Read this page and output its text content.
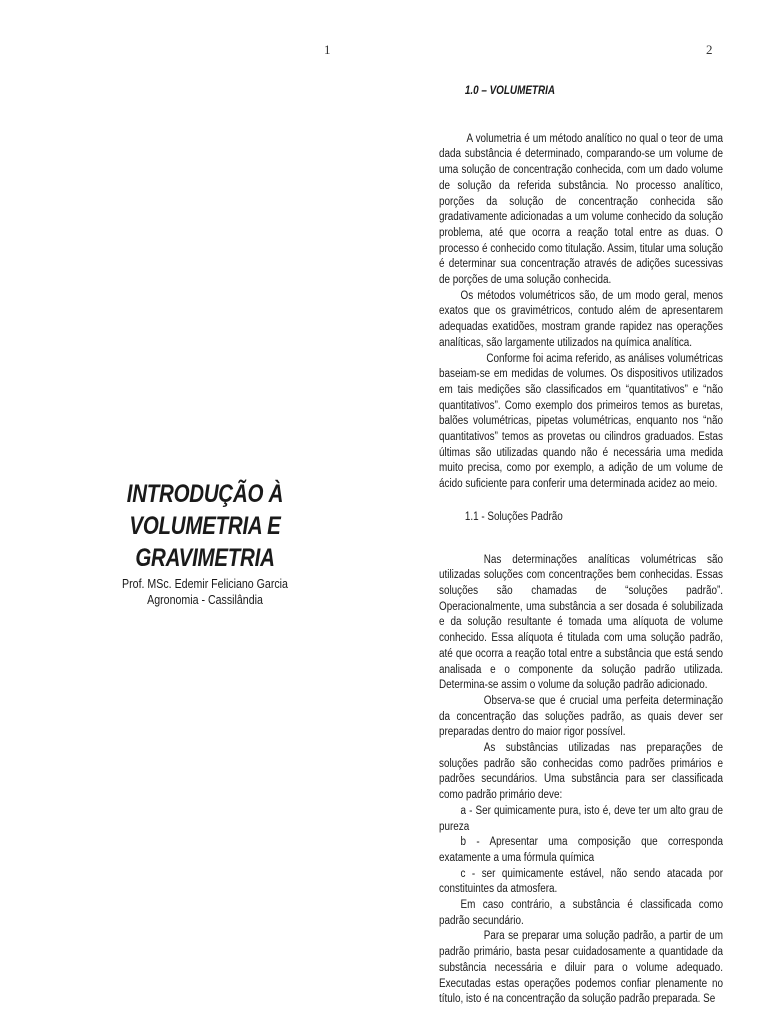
1	2
INTRODUÇÃO À
VOLUMETRIA E GRAVIMETRIA
Prof. MSc. Edemir Feliciano Garcia
Agronomia - Cassilândia
1.0 – VOLUMETRIA

A volumetria é um método analítico no qual o teor de uma dada substância é determinado, comparando-se um volume de uma solução de concentração conhecida, com um dado volume de solução da referida substância. No processo analítico, porções da solução de concentração conhecida são gradativamente adicionadas a um volume conhecido da solução problema, até que ocorra a reação total entre as duas. O processo é conhecido como titulação. Assim, titular uma solução é determinar sua concentração através de adições sucessivas de porções de uma solução conhecida.

Os métodos volumétricos são, de um modo geral, menos exatos que os gravimétricos, contudo além de apresentarem adequadas exatidões, mostram grande rapidez nas operações analíticas, são largamente utilizados na química analítica.

Conforme foi acima referido, as análises volumétricas baseiam-se em medidas de volumes. Os dispositivos utilizados em tais medições são classificados em “quantitativos” e “não quantitativos”. Como exemplo dos primeiros temos as buretas, balões volumétricas, pipetas volumétricas, enquanto nos “não quantitativos” temos as provetas ou cilindros graduados. Estas últimas são utilizadas quando não é necessária uma medida muito precisa, como por exemplo, a adição de um volume de ácido suficiente para conferir uma determinada acidez ao meio.

1.1 - Soluções Padrão

Nas determinações analíticas volumétricas são utilizadas soluções com concentrações bem conhecidas. Essas soluções são chamadas de “soluções padrão”. Operacionalmente, uma substância a ser dosada é solubilizada e da solução resultante é tomada uma alíquota de volume conhecido. Essa alíquota é titulada com uma solução padrão, até que ocorra a reação total entre a substância que está sendo analisada e o componente da solução padrão utilizada. Determina-se assim o volume da solução padrão adicionado.

Observa-se que é crucial uma perfeita determinação da concentração das soluções padrão, as quais dever ser preparadas dentro do maior rigor possível.

As substâncias utilizadas nas preparações de soluções padrão são conhecidas como padrões primários e padrões secundários. Uma substância para ser classificada como padrão primário deve:

a - Ser quimicamente pura, isto é, deve ter um alto grau de pureza

b - Apresentar uma composição que corresponda exatamente a uma fórmula química

c - ser quimicamente estável, não sendo atacada por constituintes da atmosfera.

Em caso contrário, a substância é classificada como padrão secundário.

Para se preparar uma solução padrão, a partir de um padrão primário, basta pesar cuidadosamente a quantidade da substância necessária e diluir para o volume adequado. Executadas estas operações podemos confiar plenamente no título, isto é na concentração da solução padrão preparada. Se
